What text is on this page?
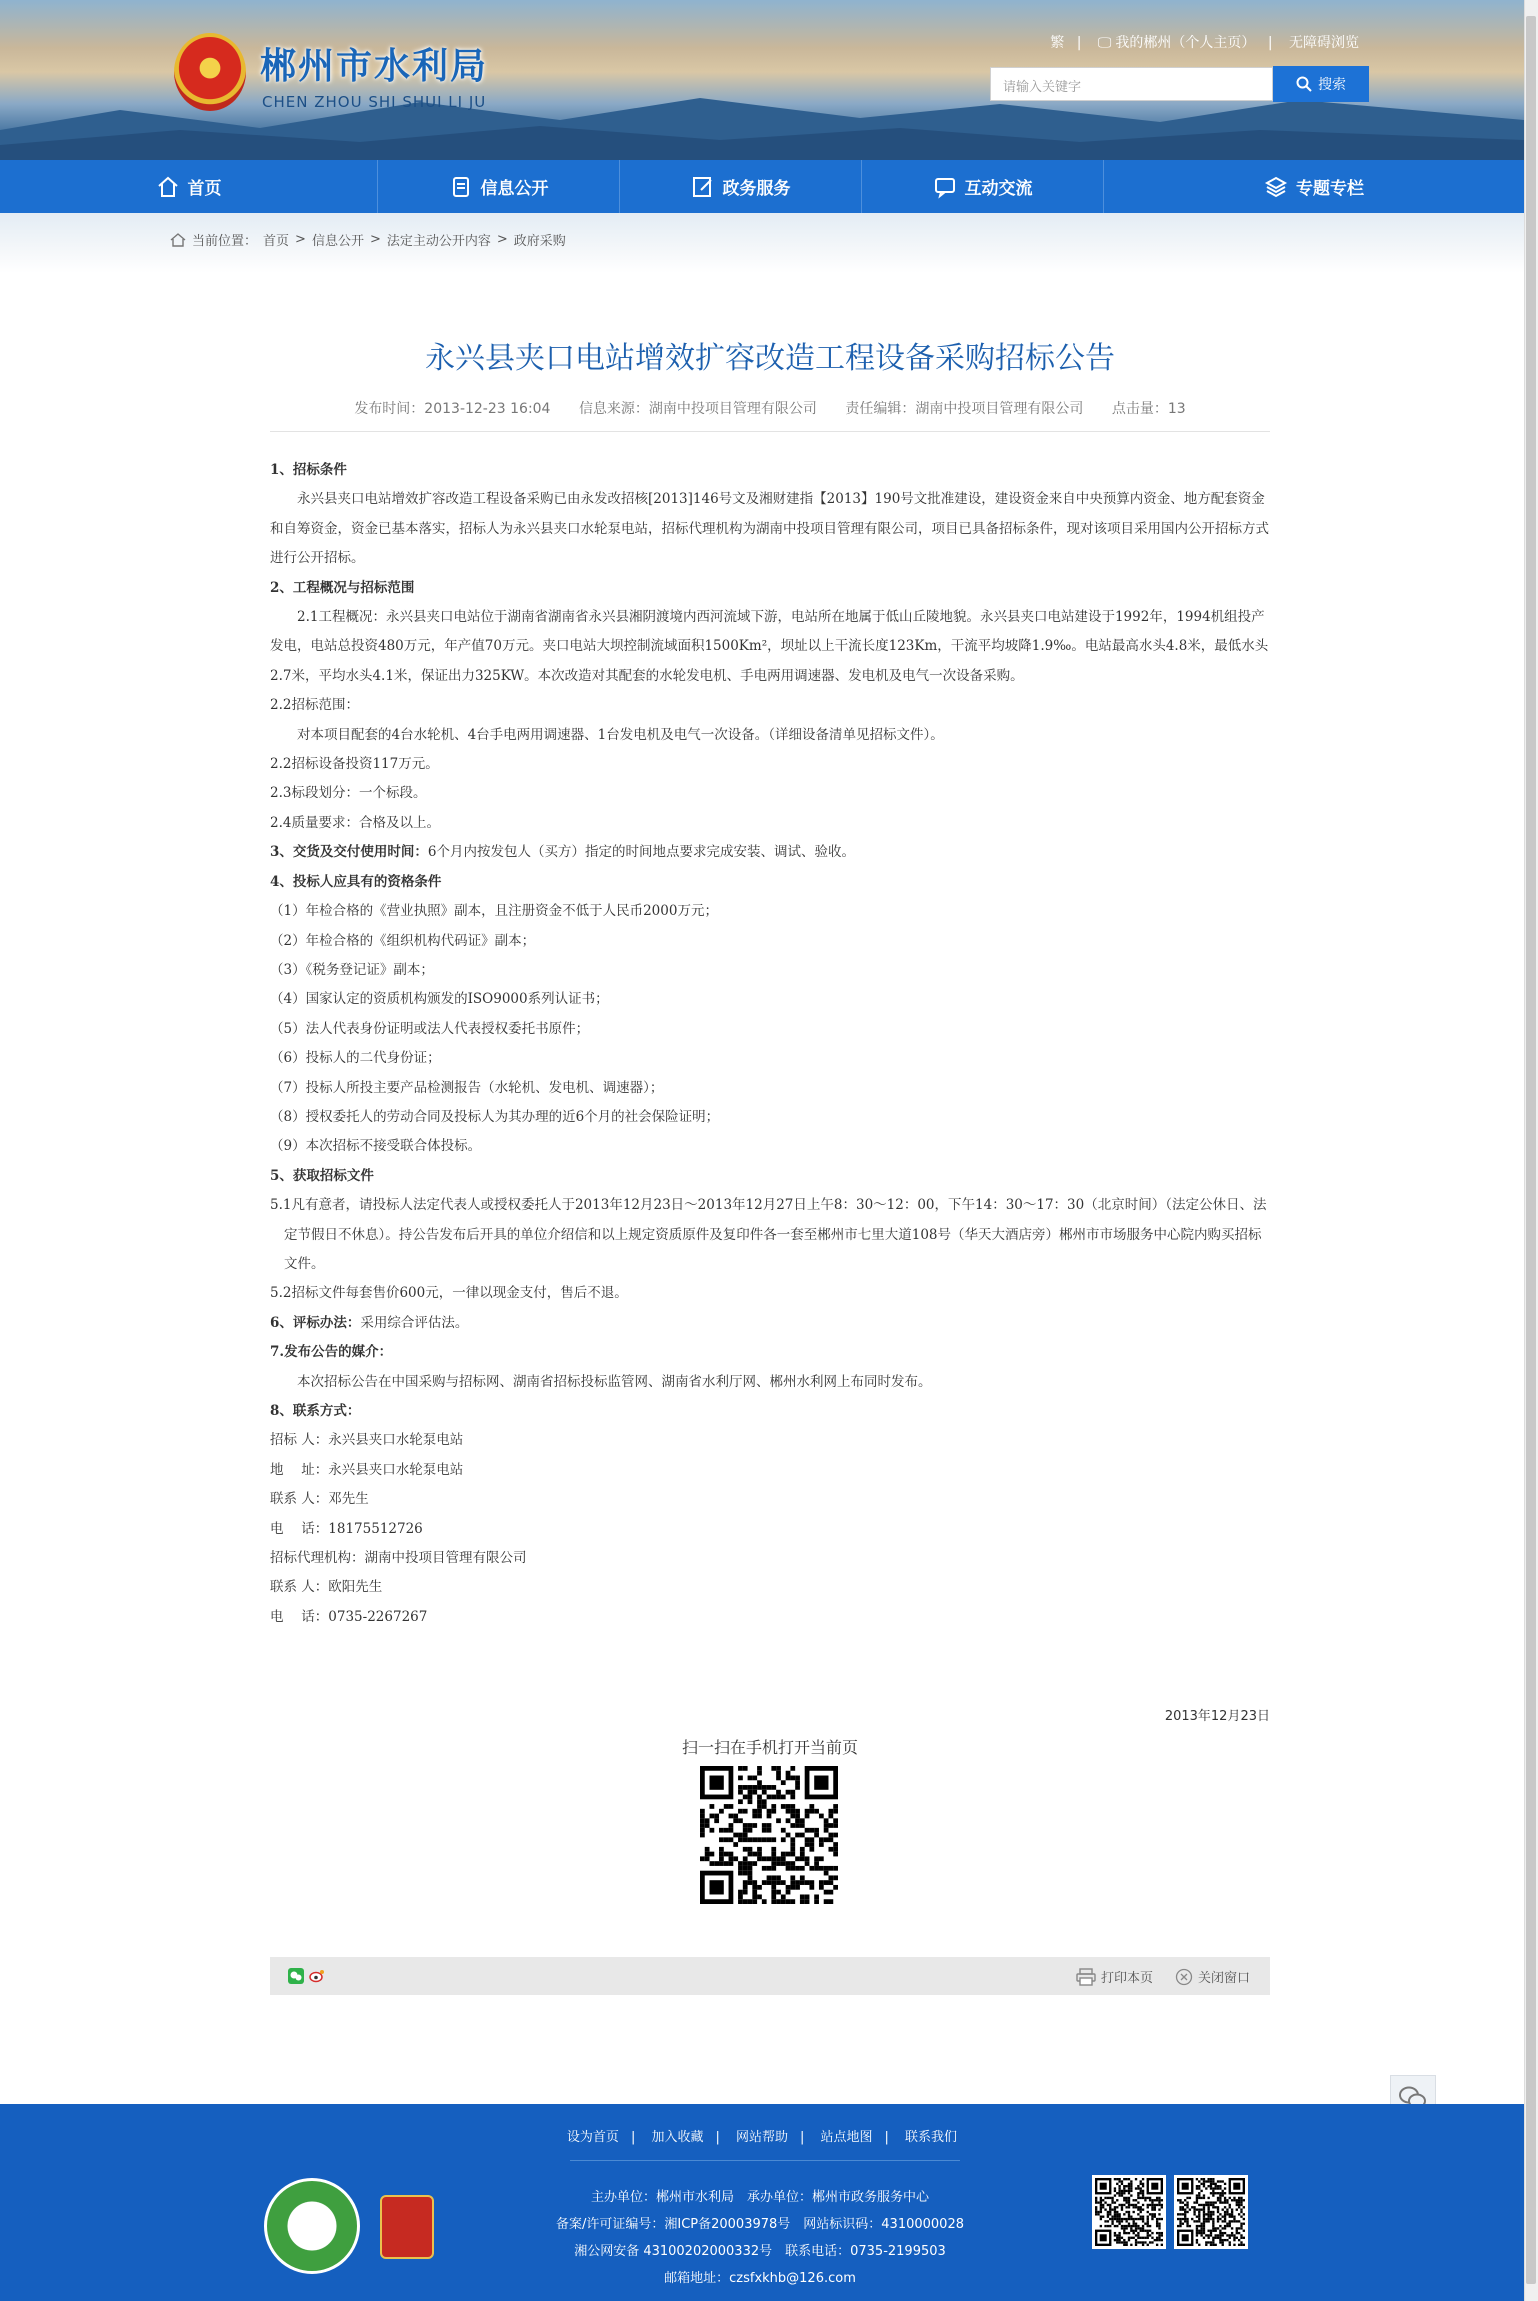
郴州市水利局
CHEN ZHOU SHI SHUI LI JU
繁 | 🖵 我的郴州（个人主页） | 无障碍浏览
请输入关键字	搜索
首页	信息公开	政务服务	互动交流	专题专栏
当前位置： 首页 > 信息公开 > 法定主动公开内容 > 政府采购
永兴县夹口电站增效扩容改造工程设备采购招标公告
发布时间：2013-12-23 16:04 信息来源：湖南中投项目管理有限公司 责任编辑：湖南中投项目管理有限公司 点击量：13

1、招标条件

永兴县夹口电站增效扩容改造工程设备采购已由永发改招核[2013]146号文及湘财建指【2013】190号文批准建设，建设资金来自中央预算内资金、地方配套资金和自筹资金，资金已基本落实，招标人为永兴县夹口水轮泵电站，招标代理机构为湖南中投项目管理有限公司，项目已具备招标条件，现对该项目采用国内公开招标方式进行公开招标。

2、工程概况与招标范围

2.1工程概况：永兴县夹口电站位于湖南省湖南省永兴县湘阴渡境内西河流域下游，电站所在地属于低山丘陵地貌。永兴县夹口电站建设于1992年，1994机组投产发电，电站总投资480万元，年产值70万元。夹口电站大坝控制流域面积1500Km²，坝址以上干流长度123Km，干流平均坡降1.9‰。电站最高水头4.8米，最低水头2.7米，平均水头4.1米，保证出力325KW。本次改造对其配套的水轮发电机、手电两用调速器、发电机及电气一次设备采购。

2.2招标范围：

对本项目配套的4台水轮机、4台手电两用调速器、1台发电机及电气一次设备。（详细设备清单见招标文件）。

2.2招标设备投资117万元。

2.3标段划分：一个标段。

2.4质量要求：合格及以上。

3、交货及交付使用时间：6个月内按发包人（买方）指定的时间地点要求完成安装、调试、验收。

4、投标人应具有的资格条件

（1）年检合格的《营业执照》副本，且注册资金不低于人民币2000万元；

（2）年检合格的《组织机构代码证》副本；

（3）《税务登记证》副本；

（4）国家认定的资质机构颁发的ISO9000系列认证书；

（5）法人代表身份证明或法人代表授权委托书原件；

（6）投标人的二代身份证；

（7）投标人所投主要产品检测报告（水轮机、发电机、调速器）；

（8）授权委托人的劳动合同及投标人为其办理的近6个月的社会保险证明；

（9）本次招标不接受联合体投标。

5、获取招标文件

5.1凡有意者，请投标人法定代表人或授权委托人于2013年12月23日～2013年12月27日上午8：30～12：00，下午14：30～17：30（北京时间）（法定公休日、法定节假日不休息）。持公告发布后开具的单位介绍信和以上规定资质原件及复印件各一套至郴州市七里大道108号（华天大酒店旁）郴州市市场服务中心院内购买招标文件。

5.2招标文件每套售价600元，一律以现金支付，售后不退。

6、评标办法：采用综合评估法。

7.发布公告的媒介：

本次招标公告在中国采购与招标网、湖南省招标投标监管网、湖南省水利厅网、郴州水利网上布同时发布。

8、联系方式：

招标 人：永兴县夹口水轮泵电站

地　 址：永兴县夹口水轮泵电站

联系 人：邓先生

电　 话：18175512726

招标代理机构：湖南中投项目管理有限公司

联系 人：欧阳先生

电　 话：0735-2267267

2013年12月23日
扫一扫在手机打开当前页
打印本页	关闭窗口
设为首页 | 加入收藏 | 网站帮助 | 站点地图 | 联系我们
主办单位：郴州市水利局　承办单位：郴州市政务服务中心
备案/许可证编号：湘ICP备20003978号　网站标识码：4310000028
湘公网安备 43100202000332号　联系电话：0735-2199503
邮箱地址：czsfxkhb@126.com
